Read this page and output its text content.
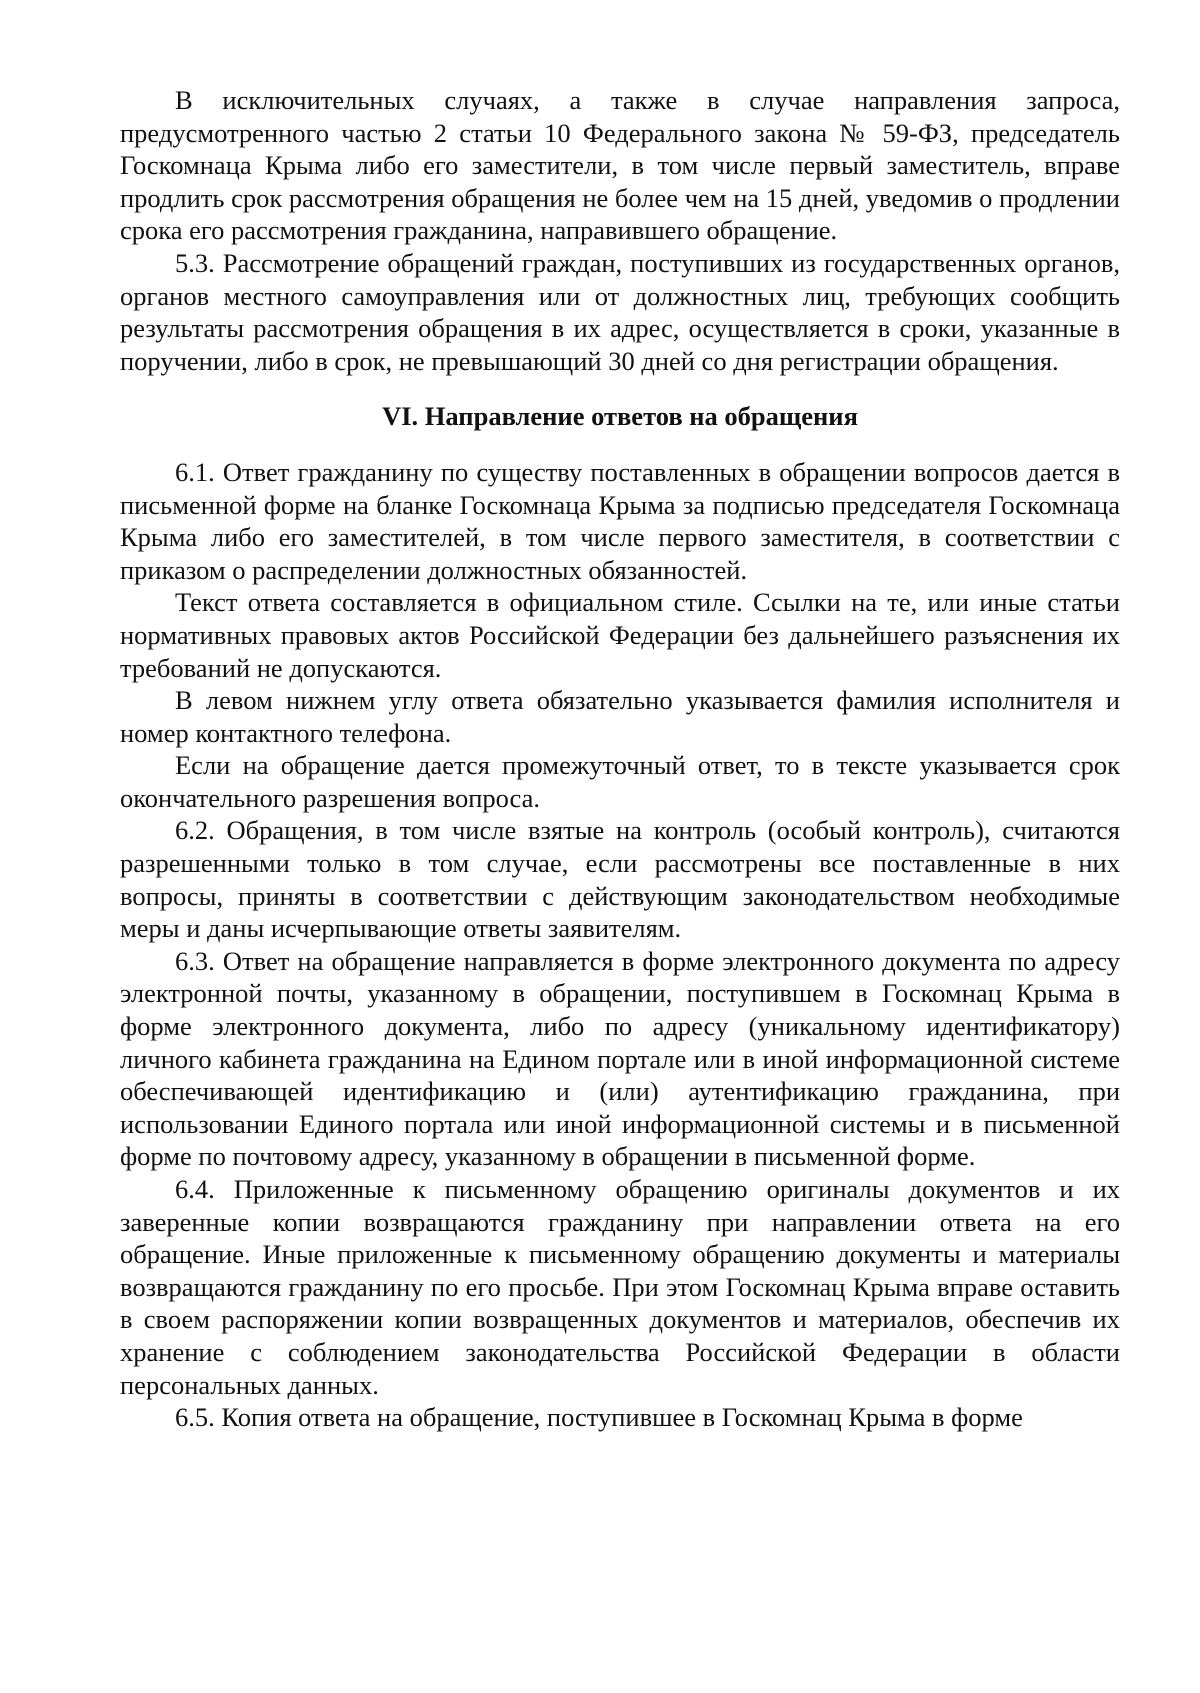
В исключительных случаях, а также в случае направления запроса, предусмотренного частью 2 статьи 10 Федерального закона № 59-ФЗ, председатель Госкомнаца Крыма либо его заместители, в том числе первый заместитель, вправе продлить срок рассмотрения обращения не более чем на 15 дней, уведомив о продлении срока его рассмотрения гражданина, направившего обращение.

5.3. Рассмотрение обращений граждан, поступивших из государственных органов, органов местного самоуправления или от должностных лиц, требующих сообщить результаты рассмотрения обращения в их адрес, осуществляется в сроки, указанные в поручении, либо в срок, не превышающий 30 дней со дня регистрации обращения.

VI. Направление ответов на обращения

6.1. Ответ гражданину по существу поставленных в обращении вопросов дается в письменной форме на бланке Госкомнаца Крыма за подписью председателя Госкомнаца Крыма либо его заместителей, в том числе первого заместителя, в соответствии с приказом о распределении должностных обязанностей.

Текст ответа составляется в официальном стиле. Ссылки на те, или иные статьи нормативных правовых актов Российской Федерации без дальнейшего разъяснения их требований не допускаются.

В левом нижнем углу ответа обязательно указывается фамилия исполнителя и номер контактного телефона.

Если на обращение дается промежуточный ответ, то в тексте указывается срок окончательного разрешения вопроса.

6.2. Обращения, в том числе взятые на контроль (особый контроль), считаются разрешенными только в том случае, если рассмотрены все поставленные в них вопросы, приняты в соответствии с действующим законодательством необходимые меры и даны исчерпывающие ответы заявителям.

6.3. Ответ на обращение направляется в форме электронного документа по адресу электронной почты, указанному в обращении, поступившем в Госкомнац Крыма в форме электронного документа, либо по адресу (уникальному идентификатору) личного кабинета гражданина на Едином портале или в иной информационной системе обеспечивающей идентификацию и (или) аутентификацию гражданина, при использовании Единого портала или иной информационной системы и в письменной форме по почтовому адресу, указанному в обращении в письменной форме.

6.4. Приложенные к письменному обращению оригиналы документов и их заверенные копии возвращаются гражданину при направлении ответа на его обращение. Иные приложенные к письменному обращению документы и материалы возвращаются гражданину по его просьбе. При этом Госкомнац Крыма вправе оставить в своем распоряжении копии возвращенных документов и материалов, обеспечив их хранение с соблюдением законодательства Российской Федерации в области персональных данных.

6.5. Копия ответа на обращение, поступившее в Госкомнац Крыма в форме
